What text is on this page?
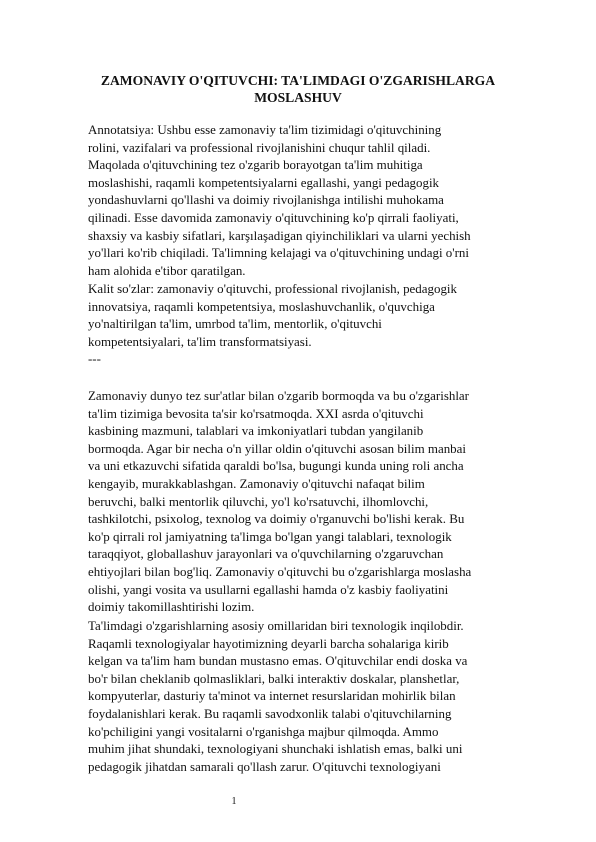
ZAMONAVIY O'QITUVCHI: TA'LIMDAGI O'ZGARISHLARGA MOSLASHUV
Annotatsiya: Ushbu esse zamonaviy ta'lim tizimidagi o'qituvchining
rolini, vazifalari va professional rivojlanishini chuqur tahlil qiladi.
Maqolada o'qituvchining tez o'zgarib borayotgan ta'lim muhitiga
moslashishi, raqamli kompetentsiyalarni egallashi, yangi pedagogik
yondashuvlarni qo'llashi va doimiy rivojlanishga intilishi muhokama
qilinadi. Esse davomida zamonaviy o'qituvchining ko'p qirrali faoliyati,
shaxsiy va kasbiy sifatlari, karşılaşadigan qiyinchiliklari va ularni yechish
yo'llari ko'rib chiqiladi. Ta'limning kelajagi va o'qituvchining undagi o'rni
ham alohida e'tibor qaratilgan.
Kalit so'zlar: zamonaviy o'qituvchi, professional rivojlanish, pedagogik
innovatsiya, raqamli kompetentsiya, moslashuvchanlik, o'quvchiga
yo'naltirilgan ta'lim, umrbod ta'lim, mentorlik, o'qituvchi
kompetentsiyalari, ta'lim transformatsiyasi.
---
Zamonaviy dunyo tez sur'atlar bilan o'zgarib bormoqda va bu o'zgarishlar
ta'lim tizimiga bevosita ta'sir ko'rsatmoqda. XXI asrda o'qituvchi
kasbining mazmuni, talablari va imkoniyatlari tubdan yangilanib
bormoqda. Agar bir necha o'n yillar oldin o'qituvchi asosan bilim manbai
va uni etkazuvchi sifatida qaraldi bo'lsa, bugungi kunda uning roli ancha
kengayib, murakkablashgan. Zamonaviy o'qituvchi nafaqat bilim
beruvchi, balki mentorlik qiluvchi, yo'l ko'rsatuvchi, ilhomlovchi,
tashkilotchi, psixolog, texnolog va doimiy o'rganuvchi bo'lishi kerak. Bu
ko'p qirrali rol jamiyatning ta'limga bo'lgan yangi talablari, texnologik
taraqqiyot, globallashuv jarayonlari va o'quvchilarning o'zgaruvchan
ehtiyojlari bilan bog'liq. Zamonaviy o'qituvchi bu o'zgarishlarga moslasha
olishi, yangi vosita va usullarni egallashi hamda o'z kasbiy faoliyatini
doimiy takomillashtirishi lozim.
Ta'limdagi o'zgarishlarning asosiy omillaridan biri texnologik inqilobdir.
Raqamli texnologiyalar hayotimizning deyarli barcha sohalariga kirib
kelgan va ta'lim ham bundan mustasno emas. O'qituvchilar endi doska va
bo'r bilan cheklanib qolmasliklari, balki interaktiv doskalar, planshetlar,
kompyuterlar, dasturiy ta'minot va internet resurslaridan mohirlik bilan
foydalanishlari kerak. Bu raqamli savodxonlik talabi o'qituvchilarning
ko'pchiligini yangi vositalarni o'rganishga majbur qilmoqda. Ammo
muhim jihat shundaki, texnologiyani shunchaki ishlatish emas, balki uni
pedagogik jihatdan samarali qo'llash zarur. O'qituvchi texnologiyani
1
